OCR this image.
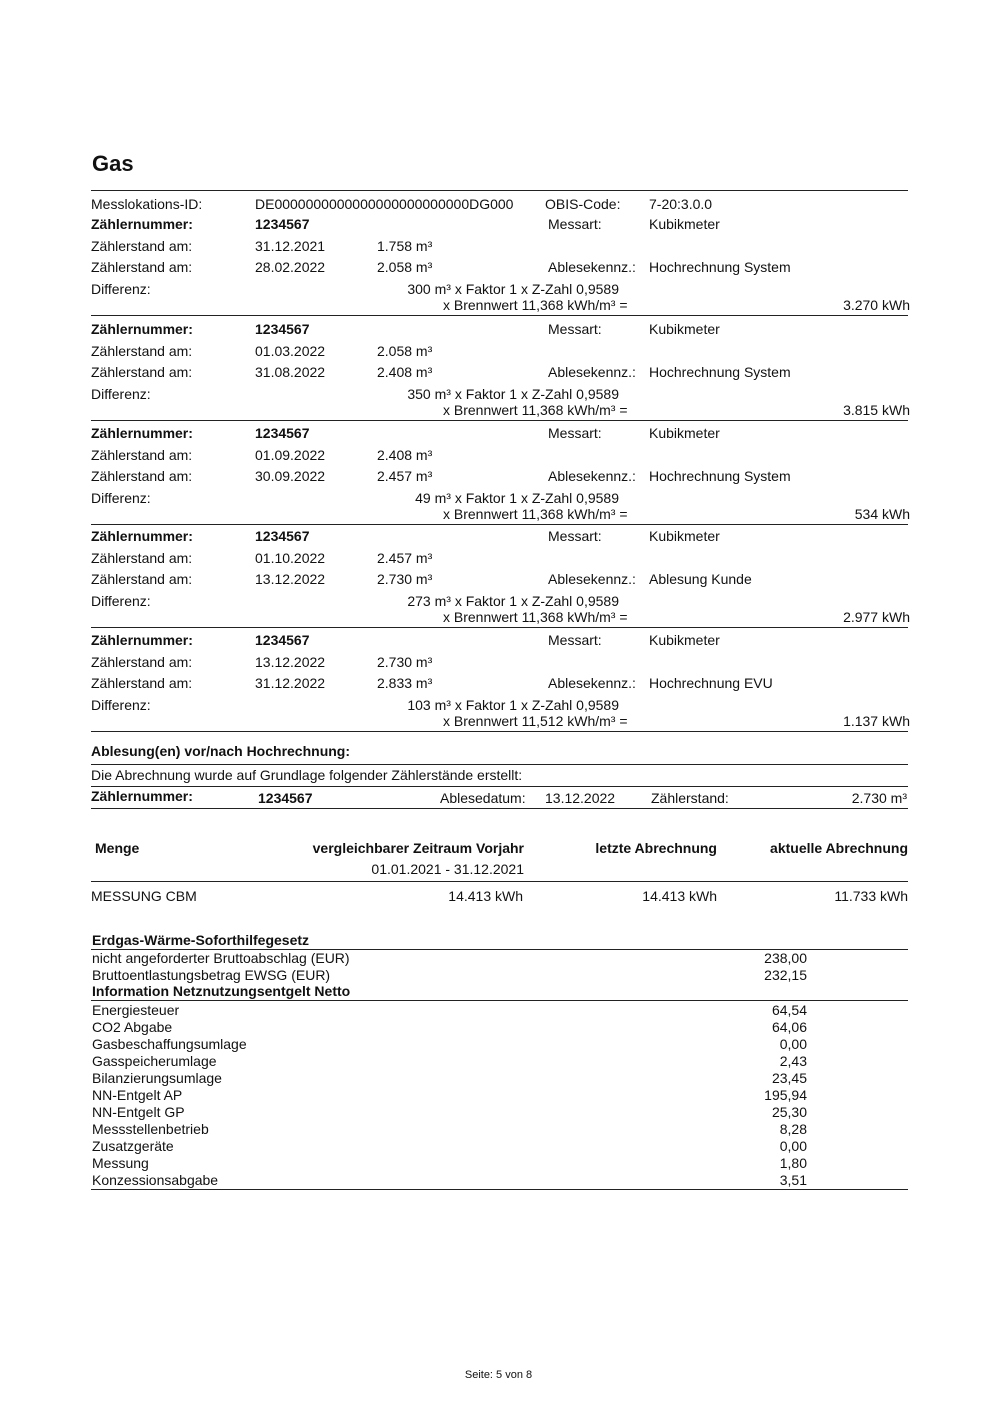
Gas
Messlokations-ID:	DE0000000000000000000000000DG000 OBIS-Code: 7-20:3.0.0
Zählernummer:	1234567	Messart:	Kubikmeter
Zählerstand am:	31.12.2021	1.758 m³
Zählerstand am:	28.02.2022	2.058 m³	Ablesekennz.: Hochrechnung System
Differenz:	300 m³ x Faktor 1 x Z-Zahl 0,9589
x Brennwert 11,368 kWh/m³ =	3.270 kWh
Zählernummer:	1234567	Messart:	Kubikmeter
Zählerstand am:	01.03.2022	2.058 m³
Zählerstand am:	31.08.2022	2.408 m³	Ablesekennz.: Hochrechnung System
Differenz:	350 m³ x Faktor 1 x Z-Zahl 0,9589
x Brennwert 11,368 kWh/m³ =	3.815 kWh
Zählernummer:	1234567	Messart:	Kubikmeter
Zählerstand am:	01.09.2022	2.408 m³
Zählerstand am:	30.09.2022	2.457 m³	Ablesekennz.: Hochrechnung System
Differenz:	49 m³ x Faktor 1 x Z-Zahl 0,9589
x Brennwert 11,368 kWh/m³ =	534 kWh
Zählernummer:	1234567	Messart:	Kubikmeter
Zählerstand am:	01.10.2022	2.457 m³
Zählerstand am:	13.12.2022	2.730 m³	Ablesekennz.: Ablesung Kunde
Differenz:	273 m³ x Faktor 1 x Z-Zahl 0,9589
x Brennwert 11,368 kWh/m³ =	2.977 kWh
Zählernummer:	1234567	Messart:	Kubikmeter
Zählerstand am:	13.12.2022	2.730 m³
Zählerstand am:	31.12.2022	2.833 m³	Ablesekennz.: Hochrechnung EVU
Differenz:	103 m³ x Faktor 1 x Z-Zahl 0,9589
x Brennwert 11,512 kWh/m³ =	1.137 kWh
Ablesung(en) vor/nach Hochrechnung:
Die Abrechnung wurde auf Grundlage folgender Zählerstände erstellt:
Zählernummer:	1234567	Ablesedatum: 13.12.2022	Zählerstand:	2.730 m³
Menge	vergleichbarer Zeitraum Vorjahr
01.01.2021 - 31.12.2021
letzte Abrechnung	aktuelle Abrechnung
MESSUNG CBM	14.413 kWh	14.413 kWh	11.733 kWh
Erdgas-Wärme-Soforthilfegesetz
nicht angeforderter Bruttoabschlag (EUR)	238,00
Bruttoentlastungsbetrag EWSG (EUR)	232,15
Information Netznutzungsentgelt Netto
Energiesteuer	64,54
CO2 Abgabe	64,06
Gasbeschaffungsumlage	0,00
Gasspeicherumlage	2,43
Bilanzierungsumlage	23,45
NN-Entgelt AP	195,94
NN-Entgelt GP	25,30
Messstellenbetrieb	8,28
Zusatzgeräte	0,00
Messung	1,80
Konzessionsabgabe	3,51
Seite: 5 von 8
